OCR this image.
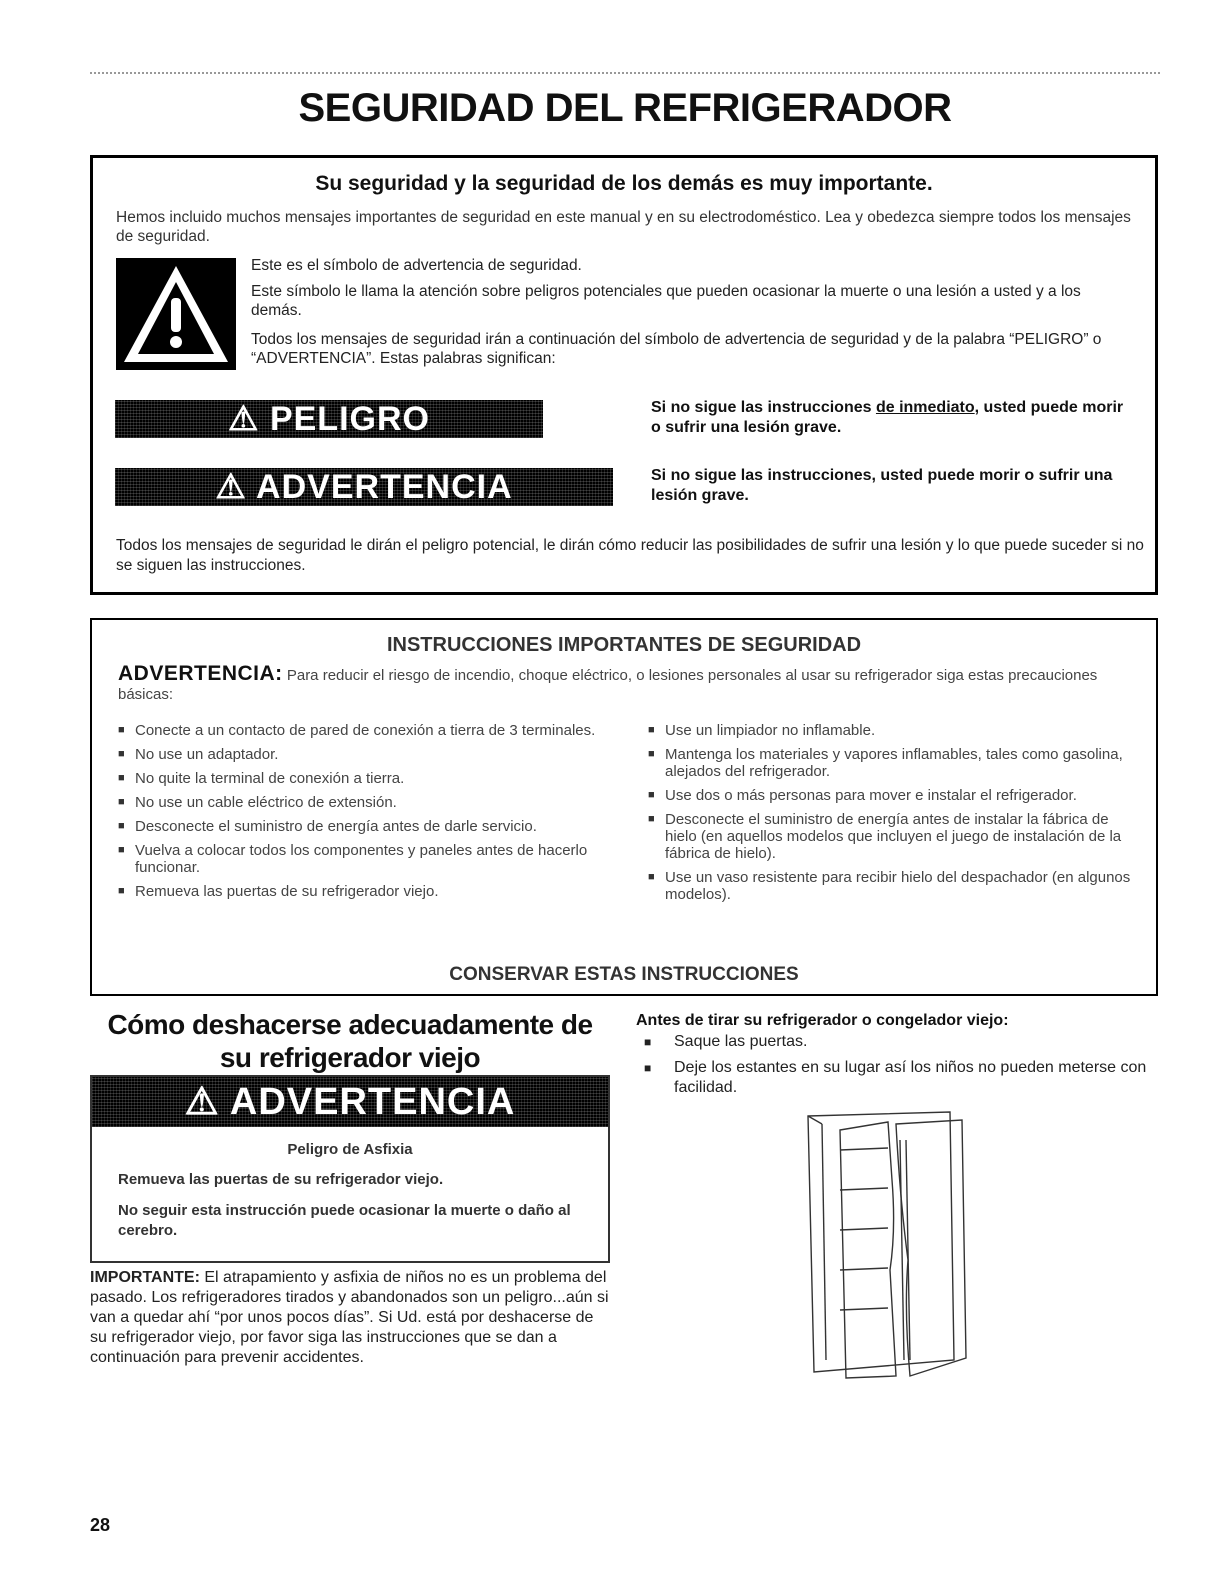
SEGURIDAD DEL REFRIGERADOR
Su seguridad y la seguridad de los demás es muy importante.
Hemos incluido muchos mensajes importantes de seguridad en este manual y en su electrodoméstico. Lea y obedezca siempre todos los mensajes de seguridad.
Este es el símbolo de advertencia de seguridad.
Este símbolo le llama la atención sobre peligros potenciales que pueden ocasionar la muerte o una lesión a usted y a los demás.
Todos los mensajes de seguridad irán a continuación del símbolo de advertencia de seguridad y de la palabra “PELIGRO” o “ADVERTENCIA”. Estas palabras significan:
⚠ PELIGRO	Si no sigue las instrucciones de inmediato, usted puede morir o sufrir una lesión grave.
⚠ ADVERTENCIA	Si no sigue las instrucciones, usted puede morir o sufrir una lesión grave.
Todos los mensajes de seguridad le dirán el peligro potencial, le dirán cómo reducir las posibilidades de sufrir una lesión y lo que puede suceder si no se siguen las instrucciones.
INSTRUCCIONES IMPORTANTES DE SEGURIDAD
ADVERTENCIA: Para reducir el riesgo de incendio, choque eléctrico, o lesiones personales al usar su refrigerador siga estas precauciones básicas:
■ Conecte a un contacto de pared de conexión a tierra de 3 terminales.
■ No use un adaptador.
■ No quite la terminal de conexión a tierra.
■ No use un cable eléctrico de extensión.
■ Desconecte el suministro de energía antes de darle servicio.
■ Vuelva a colocar todos los componentes y paneles antes de hacerlo funcionar.
■ Remueva las puertas de su refrigerador viejo.
■ Use un limpiador no inflamable.
■ Mantenga los materiales y vapores inflamables, tales como gasolina, alejados del refrigerador.
■ Use dos o más personas para mover e instalar el refrigerador.
■ Desconecte el suministro de energía antes de instalar la fábrica de hielo (en aquellos modelos que incluyen el juego de instalación de la fábrica de hielo).
■ Use un vaso resistente para recibir hielo del despachador (en algunos modelos).
CONSERVAR ESTAS INSTRUCCIONES
Cómo deshacerse adecuadamente de su refrigerador viejo
⚠ ADVERTENCIA
Peligro de Asfixia
Remueva las puertas de su refrigerador viejo.
No seguir esta instrucción puede ocasionar la muerte o daño al cerebro.
IMPORTANTE: El atrapamiento y asfixia de niños no es un problema del pasado. Los refrigeradores tirados y abandonados son un peligro...aún si van a quedar ahí “por unos pocos días”. Si Ud. está por deshacerse de su refrigerador viejo, por favor siga las instrucciones que se dan a continuación para prevenir accidentes.
Antes de tirar su refrigerador o congelador viejo:
■ Saque las puertas.
■ Deje los estantes en su lugar así los niños no pueden meterse con facilidad.
28
